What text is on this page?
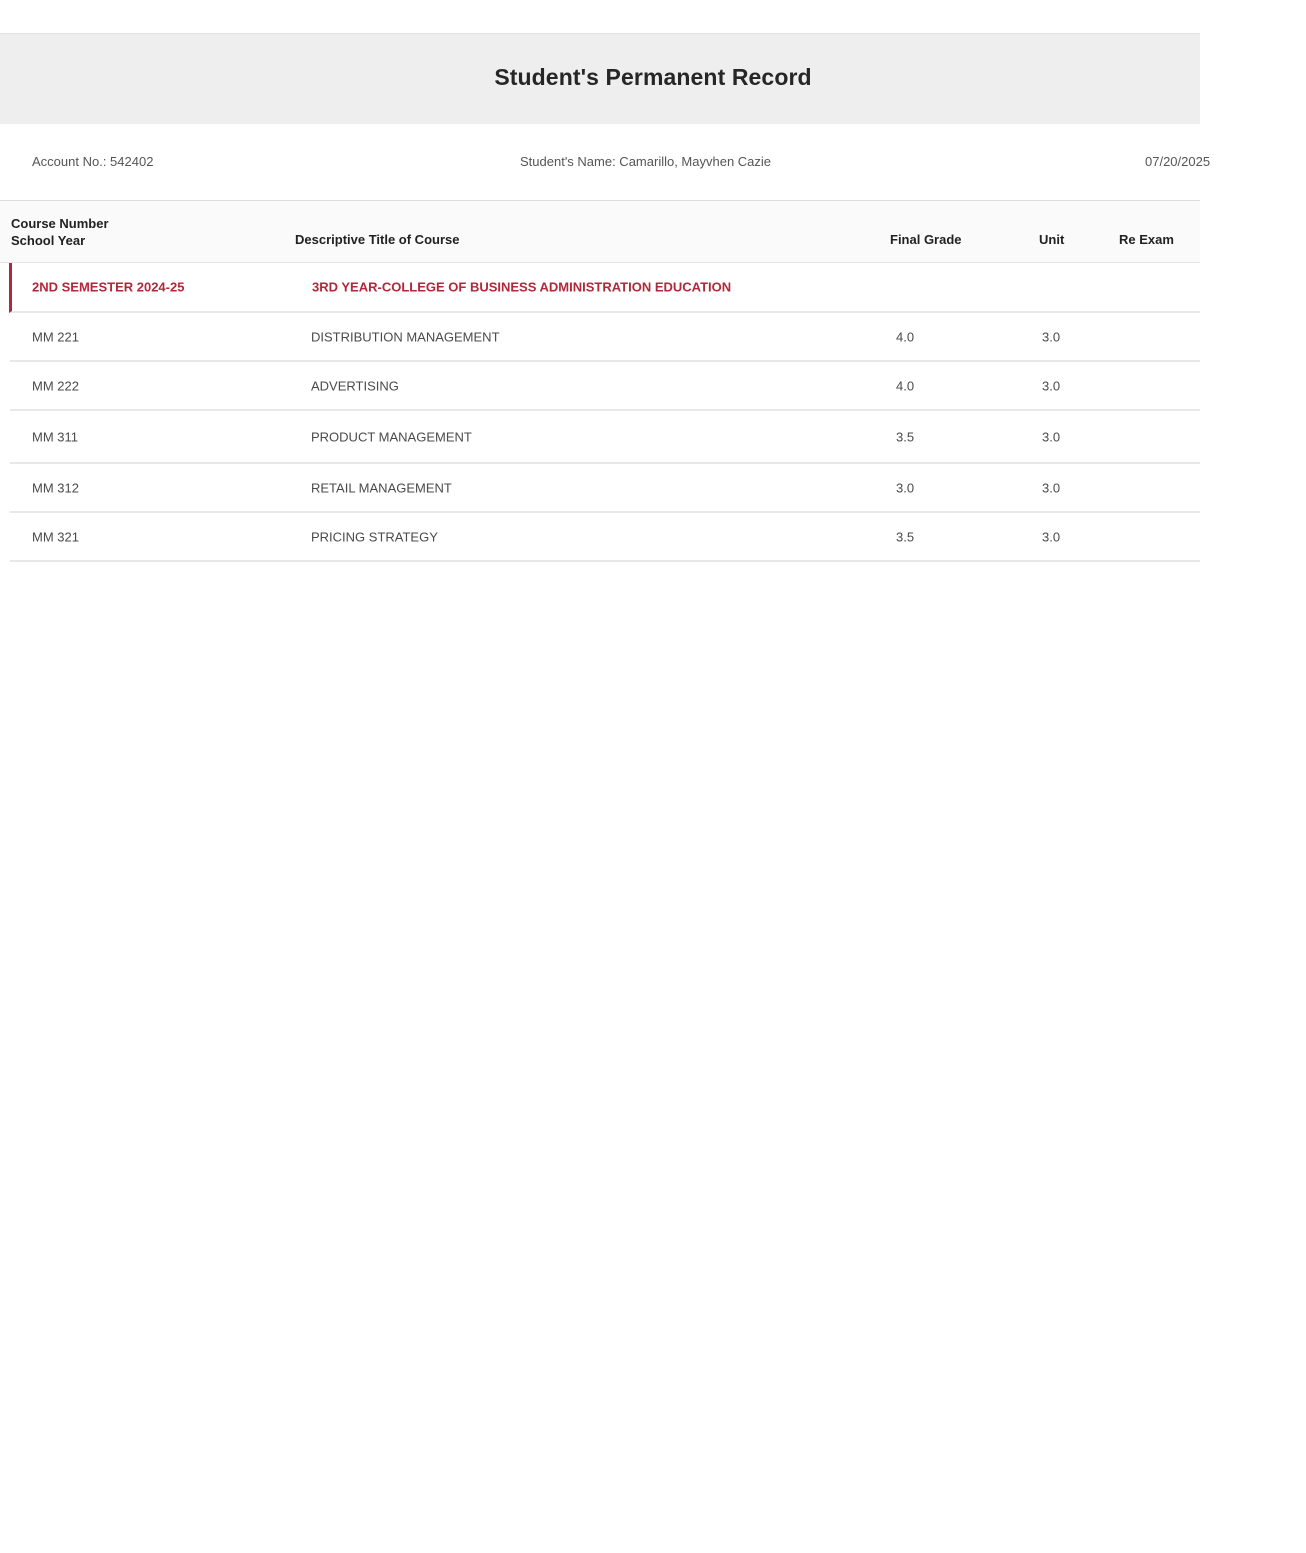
Student's Permanent Record
Account No.: 542402	Student's Name: Camarillo, Mayvhen Cazie	07/20/2025
Course Number
School Year	Descriptive Title of Course	Final Grade	Unit	Re Exam
2ND SEMESTER 2024-25	3RD YEAR-COLLEGE OF BUSINESS ADMINISTRATION EDUCATION
MM 221	DISTRIBUTION MANAGEMENT	4.0	3.0
MM 222	ADVERTISING	4.0	3.0
MM 311	PRODUCT MANAGEMENT	3.5	3.0
MM 312	RETAIL MANAGEMENT	3.0	3.0
MM 321	PRICING STRATEGY	3.5	3.0
